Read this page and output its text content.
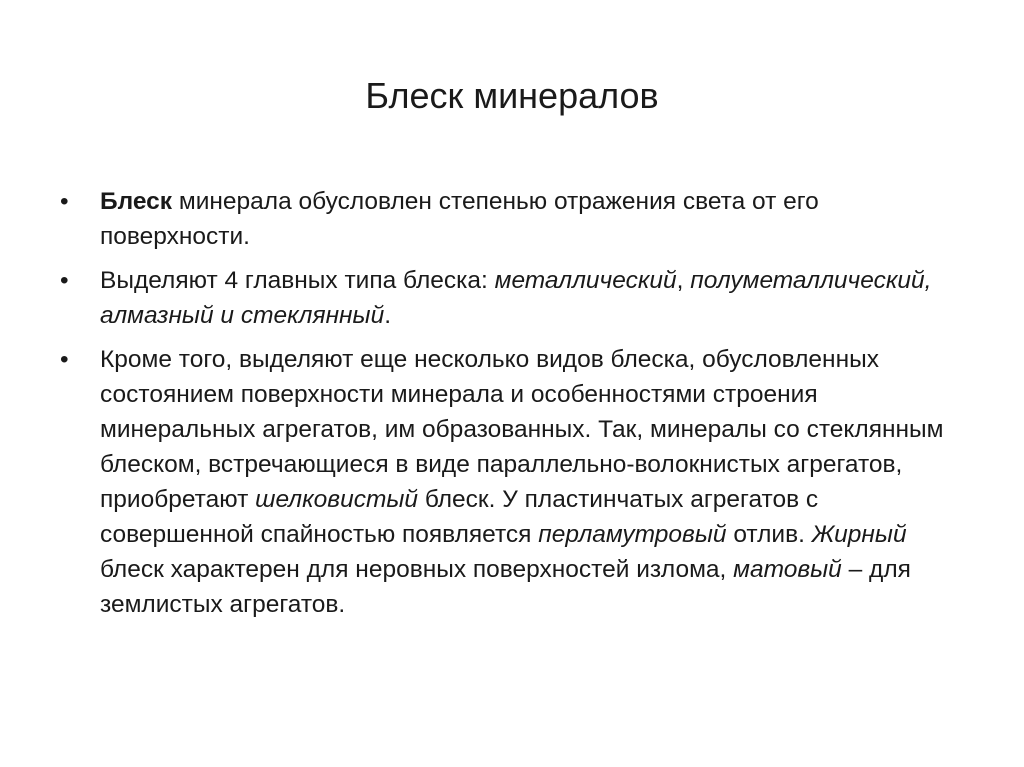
Блеск минералов
•	Блеск минерала обусловлен степенью отражения света от его поверхности.
•	Выделяют 4 главных типа блеска: металлический, полуметаллический, алмазный и стеклянный.
•	Кроме того, выделяют еще несколько видов блеска, обусловленных состоянием поверхности минерала и особенностями строения минеральных агрегатов, им образованных. Так, минералы со стеклянным блеском, встречающиеся в виде параллельно-волокнистых агрегатов, приобретают шелковистый блеск. У пластинчатых агрегатов с совершенной спайностью появляется перламутровый отлив. Жирный блеск характерен для неровных поверхностей излома, матовый – для землистых агрегатов.
